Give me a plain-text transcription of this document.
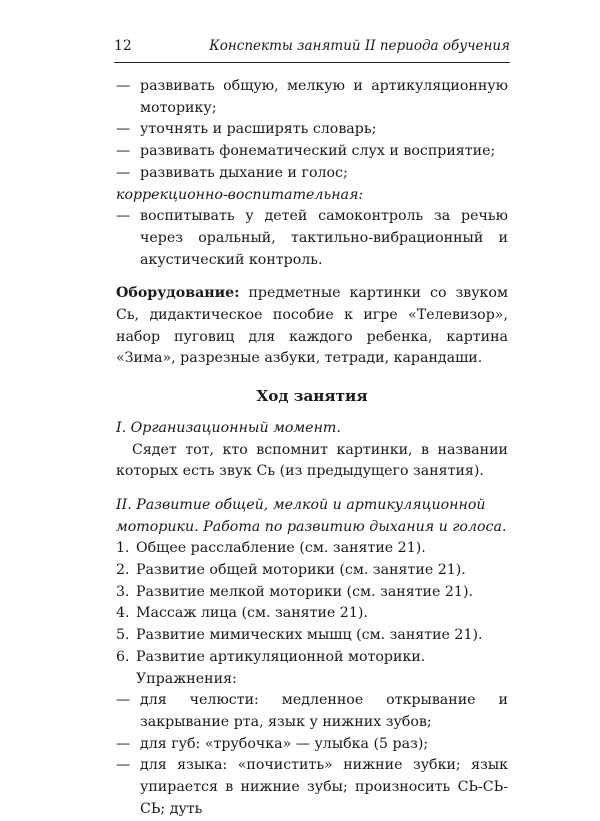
12	Конспекты занятий II периода обучения
— развивать общую, мелкую и артикуляционную моторику;
— уточнять и расширять словарь;
— развивать фонематический слух и восприятие;
— развивать дыхание и голос;
коррекционно-воспитательная:
— воспитывать у детей самоконтроль за речью через оральный, тактильно-вибрационный и акустический контроль.
Оборудование: предметные картинки со звуком Сь, дидактическое пособие к игре «Телевизор», набор пуговиц для каждого ребенка, картина «Зима», разрезные азбуки, тетради, карандаши.
Ход занятия
I. Организационный момент.
Сядет тот, кто вспомнит картинки, в названии которых есть звук Сь (из предыдущего занятия).
II. Развитие общей, мелкой и артикуляционной моторики. Работа по развитию дыхания и голоса.
1. Общее расслабление (см. занятие 21).
2. Развитие общей моторики (см. занятие 21).
3. Развитие мелкой моторики (см. занятие 21).
4. Массаж лица (см. занятие 21).
5. Развитие мимических мышц (см. занятие 21).
6. Развитие артикуляционной моторики.
Упражнения:
— для челюсти: медленное открывание и закрывание рта, язык у нижних зубов;
— для губ: «трубочка» — улыбка (5 раз);
— для языка: «почистить» нижние зубки; язык упирается в нижние зубы; произносить СЬ-СЬ-СЬ; дуть
